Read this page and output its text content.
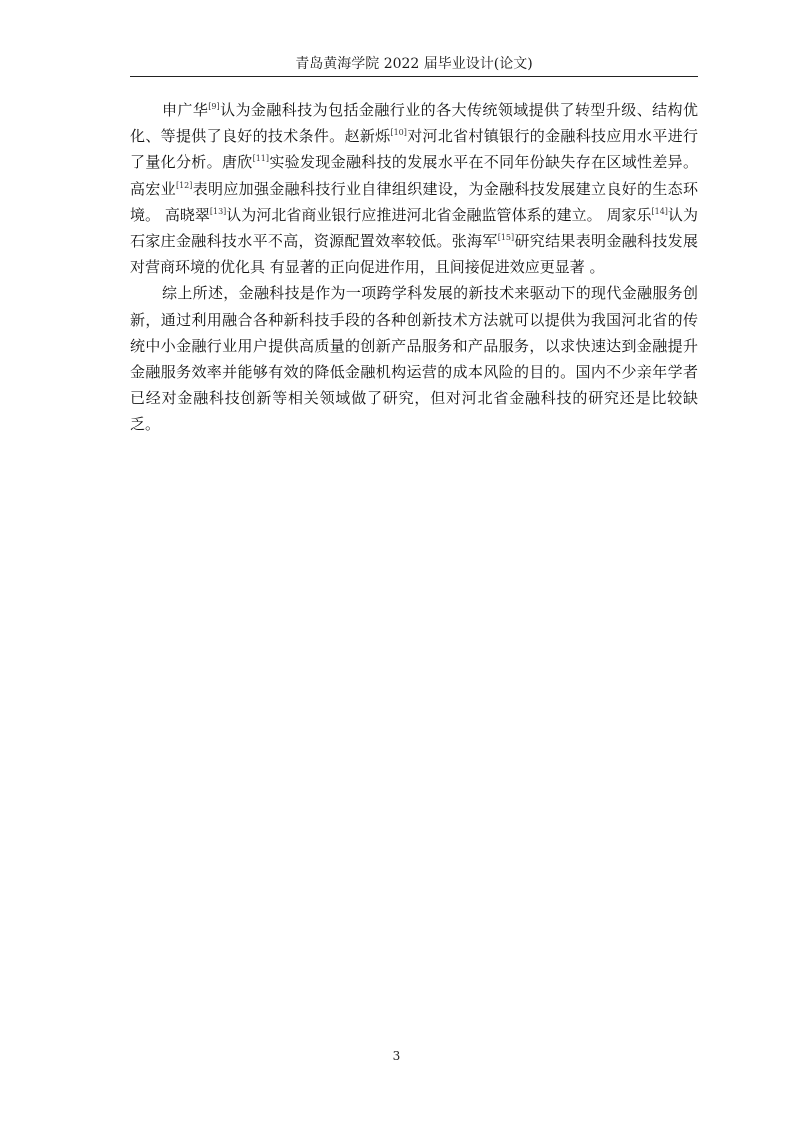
青岛黄海学院 2022 届毕业设计(论文)

申广华[9]认为金融科技为包括金融行业的各大传统领域提供了转型升级、结构优化、等提供了良好的技术条件。赵新烁[10]对河北省村镇银行的金融科技应用水平进行了量化分析。唐欣[11]实验发现金融科技的发展水平在不同年份缺失存在区域性差异。高宏业[12]表明应加强金融科技行业自律组织建设，为金融科技发展建立良好的生态环境。 高晓翠[13]认为河北省商业银行应推进河北省金融监管体系的建立。 周家乐[14]认为石家庄金融科技水平不高，资源配置效率较低。张海军[15]研究结果表明金融科技发展对营商环境的优化具 有显著的正向促进作用，且间接促进效应更显著 。

综上所述，金融科技是作为一项跨学科发展的新技术来驱动下的现代金融服务创新，通过利用融合各种新科技手段的各种创新技术方法就可以提供为我国河北省的传统中小金融行业用户提供高质量的创新产品服务和产品服务，以求快速达到金融提升金融服务效率并能够有效的降低金融机构运营的成本风险的目的。国内不少亲年学者已经对金融科技创新等相关领域做了研究，但对河北省金融科技的研究还是比较缺乏。

3
